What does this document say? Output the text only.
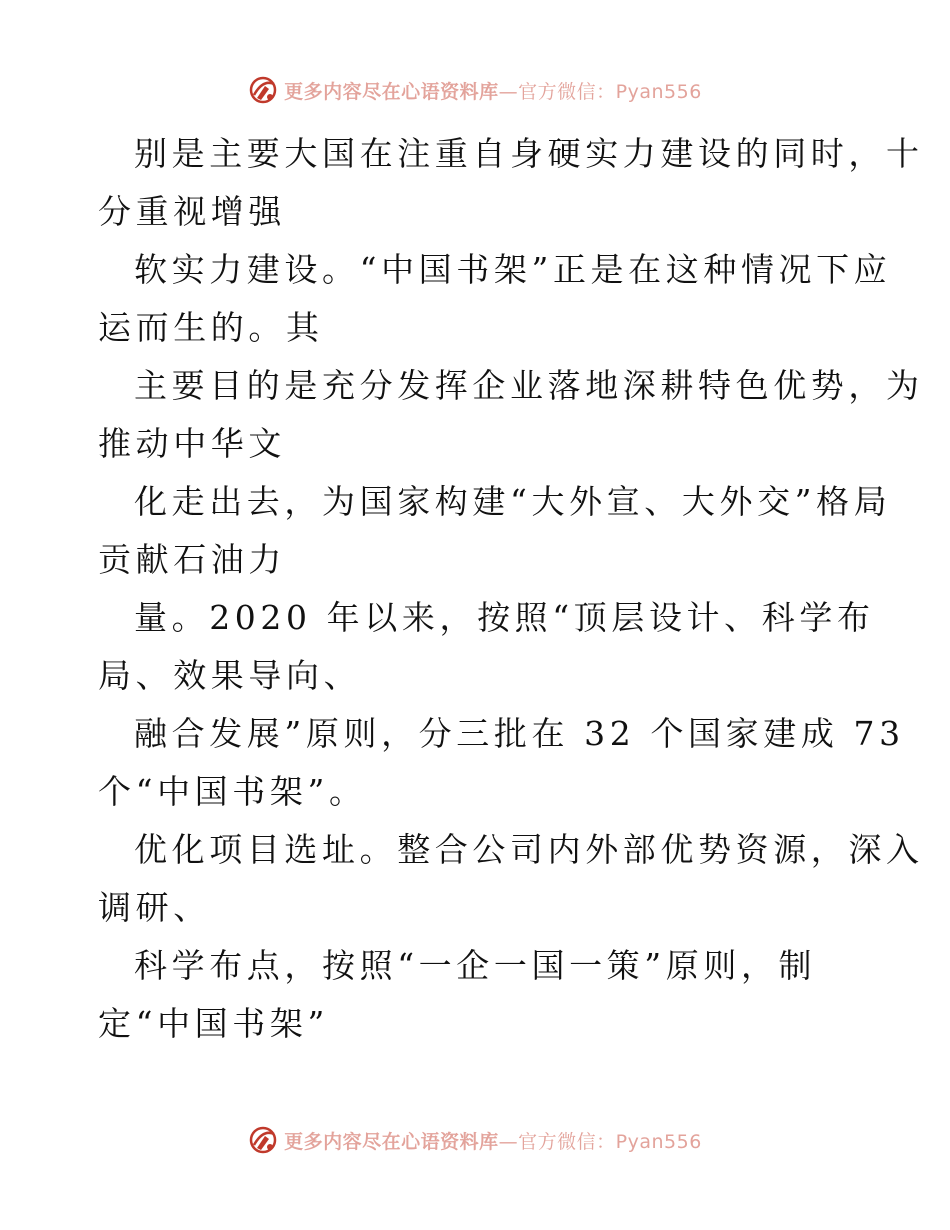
更多内容尽在心语资料库—官方微信：Pyan556
别是主要大国在注重自身硬实力建设的同时，十
分重视增强
软实力建设。“中国书架”正是在这种情况下应
运而生的。其
主要目的是充分发挥企业落地深耕特色优势，为
推动中华文
化走出去，为国家构建“大外宣、大外交”格局
贡献石油力
量。2020 年以来，按照“顶层设计、科学布
局、效果导向、
融合发展”原则，分三批在 32 个国家建成 73
个“中国书架”。
优化项目选址。整合公司内外部优势资源，深入
调研、
科学布点，按照“一企一国一策”原则，制
定“中国书架”
更多内容尽在心语资料库—官方微信：Pyan556
